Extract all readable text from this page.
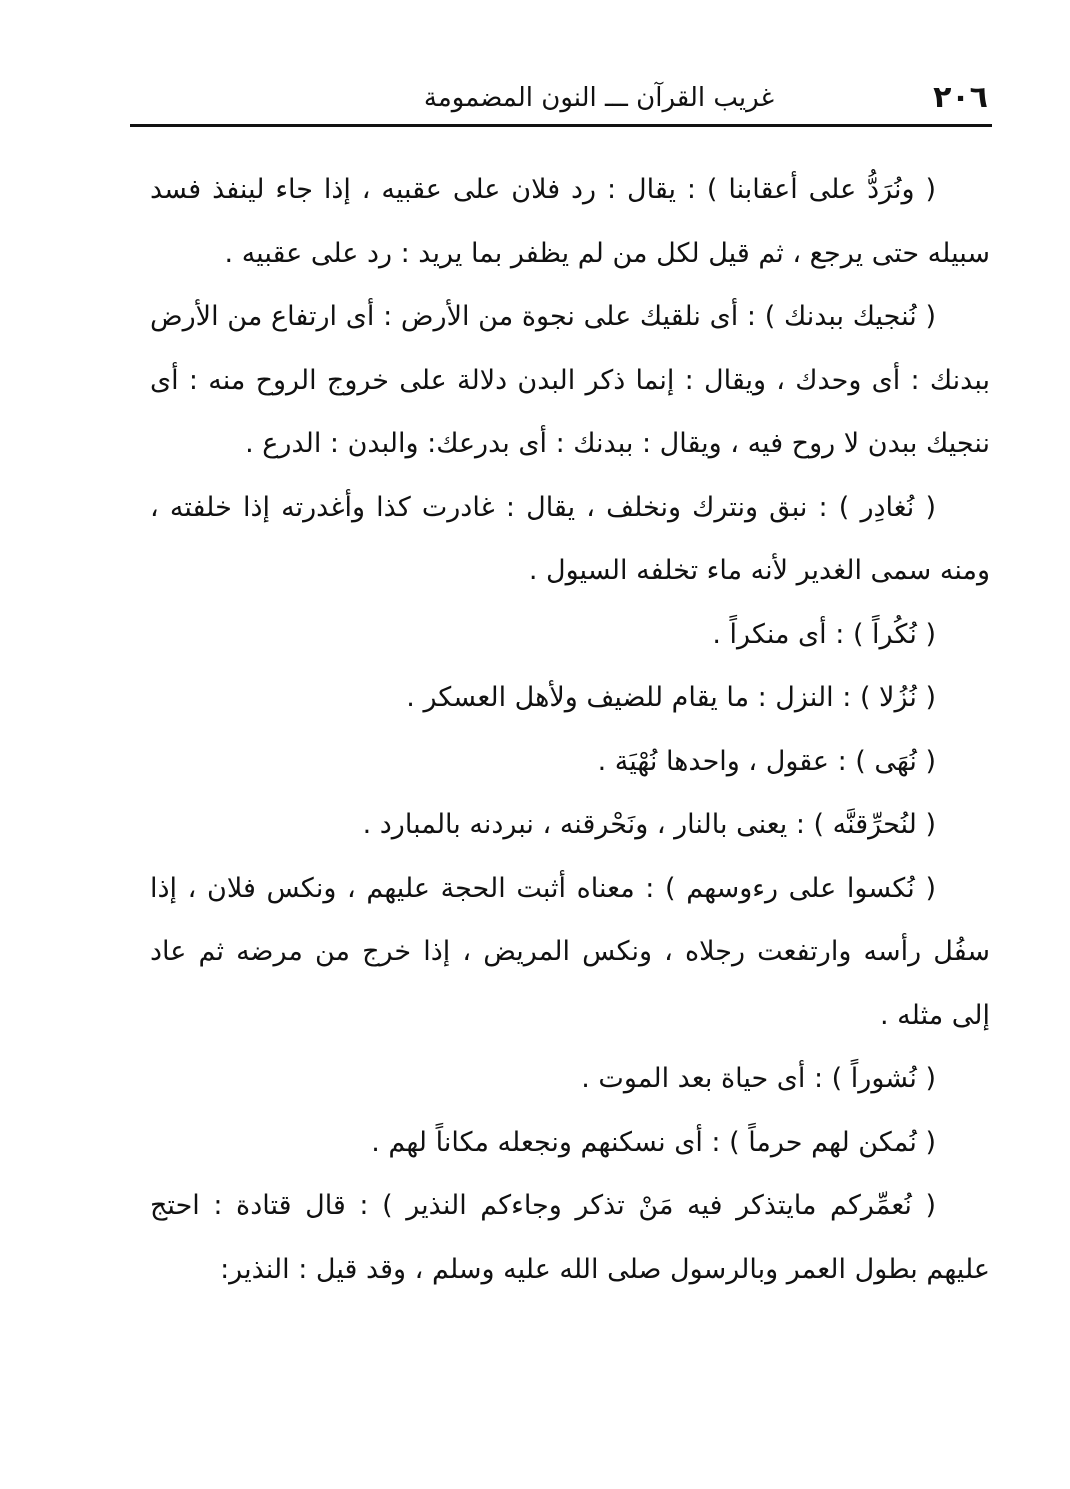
٢٠٦
غريب القرآن ـــ النون المضمومة

( ونُرَدُّ على أعقابنا ) : يقال : رد فلان على عقبيه ، إذا جاء لينفذ فسد سبيله حتى يرجع ، ثم قيل لكل من لم يظفر بما يريد : رد على عقبيه .

( نُنجيك ببدنك ) : أى نلقيك على نجوة من الأرض : أى ارتفاع من الأرض ببدنك : أى وحدك ، ويقال : إنما ذكر البدن دلالة على خروج الروح منه : أى ننجيك ببدن لا روح فيه ، ويقال : ببدنك : أى بدرعك: والبدن : الدرع .

( نُغادِر ) : نبق ونترك ونخلف ، يقال : غادرت كذا وأغدرته إذا خلفته ، ومنه سمى الغدير لأنه ماء تخلفه السيول .

( نُكُراً ) : أى منكراً .

( نُزُلا ) : النزل : ما يقام للضيف ولأهل العسكر .

( نُهَى ) : عقول ، واحدها نُهْيَة .

( لنُحرِّقنَّه ) : يعنى بالنار ، ونَحْرقنه ، نبردنه بالمبارد .

( نُكسوا على رءوسهم ) : معناه أثبت الحجة عليهم ، ونكس فلان ، إذا سفُل رأسه وارتفعت رجلاه ، ونكس المريض ، إذا خرج من مرضه ثم عاد إلى مثله .

( نُشوراً ) : أى حياة بعد الموت .

( نُمكن لهم حرماً ) : أى نسكنهم ونجعله مكاناً لهم .

( نُعمِّركم مايتذكر فيه مَنْ تذكر وجاءكم النذير ) : قال قتادة : احتج عليهم بطول العمر وبالرسول صلى الله عليه وسلم ، وقد قيل : النذير:
